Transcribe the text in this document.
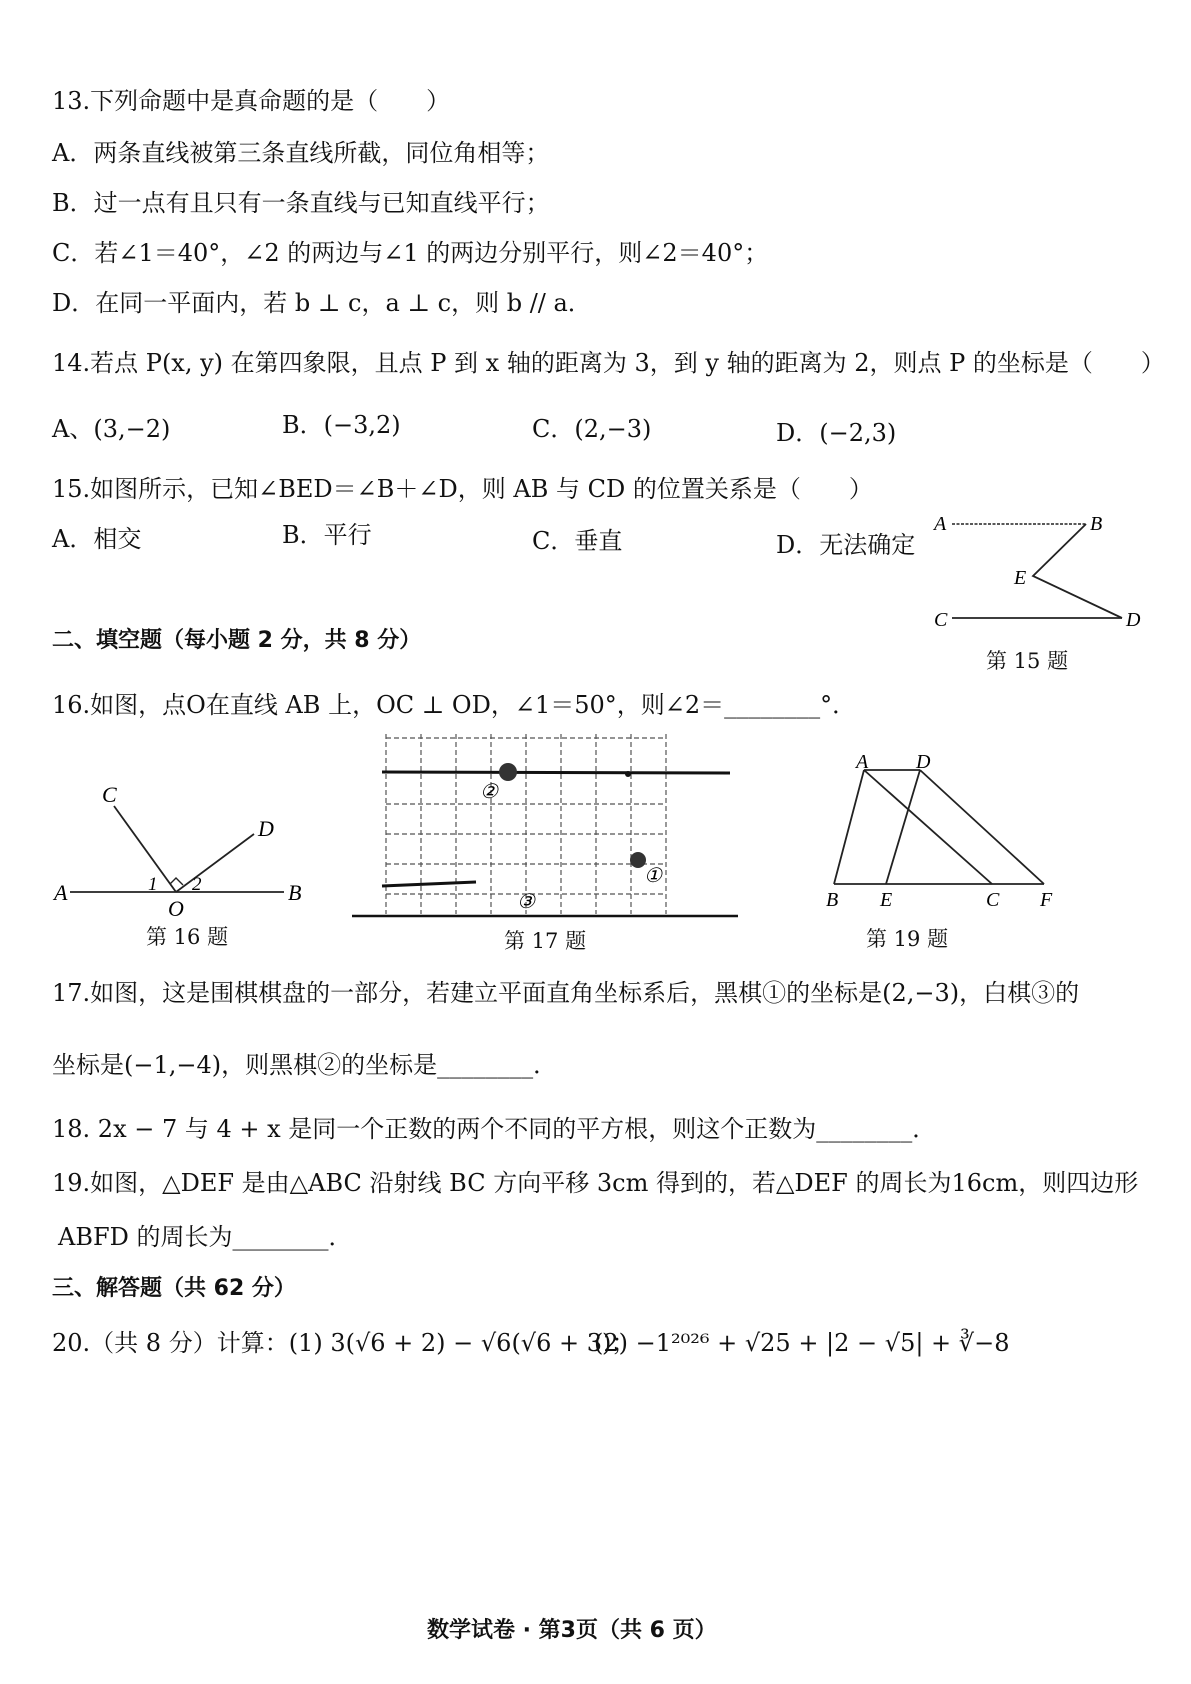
13.下列命题中是真命题的是（　　）
A．两条直线被第三条直线所截，同位角相等；
B．过一点有且只有一条直线与已知直线平行；
C．若∠1＝40°，∠2 的两边与∠1 的两边分别平行，则∠2＝40°；
D．在同一平面内，若 b ⊥ c，a ⊥ c，则 b // a．
14.若点 P(x, y) 在第四象限，且点 P 到 x 轴的距离为 3，到 y 轴的距离为 2，则点 P 的坐标是（　　）
A、(3,−2)	B．(−3,2)	C．(2,−3)	D．(−2,3)
15.如图所示，已知∠BED＝∠B＋∠D，则 AB 与 CD 的位置关系是（　　）
A．相交	B．平行	C．垂直	D．无法确定
A	B
E
C	D
第 15 题
二、填空题（每小题 2 分，共 8 分）
16.如图，点O在直线 AB 上，OC ⊥ OD，∠1＝50°，则∠2＝________°．
C
D
A	B
O
1 2
第 16 题
②
①
③
第 17 题
A D
B E	C F
第 19 题
17.如图，这是围棋棋盘的一部分，若建立平面直角坐标系后，黑棋①的坐标是(2,−3)，白棋③的
坐标是(−1,−4)，则黑棋②的坐标是________．
18. 2x − 7 与 4 + x 是同一个正数的两个不同的平方根，则这个正数为________．
19.如图，△DEF 是由△ABC 沿射线 BC 方向平移 3cm 得到的，若△DEF 的周长为16cm，则四边形
ABFD 的周长为________．
三、解答题（共 62 分）
20.（共 8 分）计算：(1) 3(√6 + 2) − √6(√6 + 3)；
(2) −1²⁰²⁶ + √25 + |2 − √5| + ∛−8
数学试卷 · 第3页（共 6 页）
